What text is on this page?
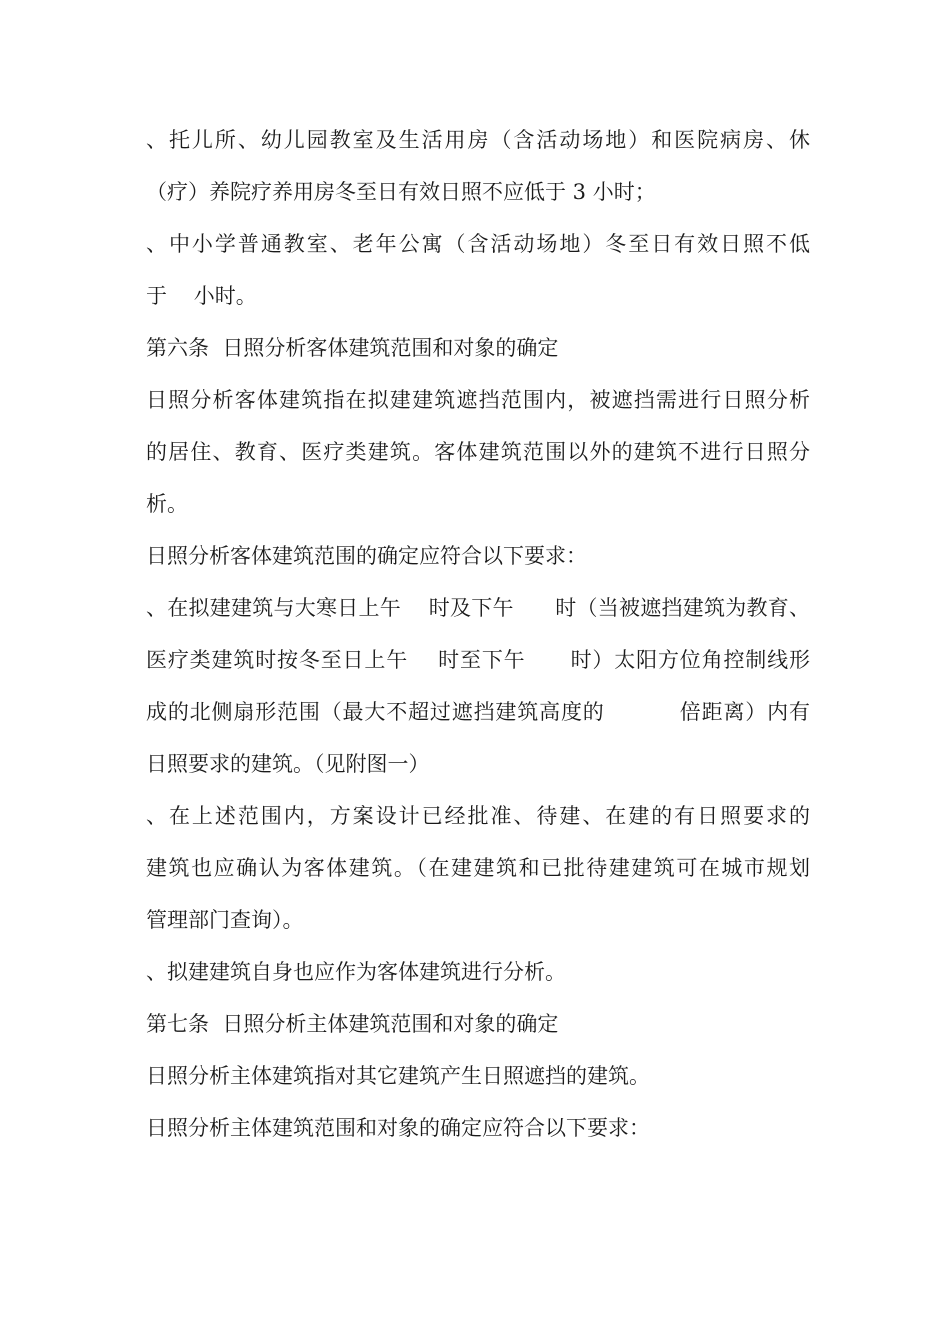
、托儿所、幼儿园教室及生活用房（含活动场地）和医院病房、休
（疗）养院疗养用房冬至日有效日照不应低于 3 小时；
、中小学普通教室、老年公寓（含活动场地）冬至日有效日照不低
于    小时。
第六条  日照分析客体建筑范围和对象的确定
日照分析客体建筑指在拟建建筑遮挡范围内，被遮挡需进行日照分析
的居住、教育、医疗类建筑。客体建筑范围以外的建筑不进行日照分
析。
日照分析客体建筑范围的确定应符合以下要求：
、在拟建建筑与大寒日上午    时及下午      时（当被遮挡建筑为教育、
医疗类建筑时按冬至日上午    时至下午      时）太阳方位角控制线形
成的北侧扇形范围（最大不超过遮挡建筑高度的          倍距离）内有
日照要求的建筑。（见附图一）
、在上述范围内，方案设计已经批准、待建、在建的有日照要求的
建筑也应确认为客体建筑。（在建建筑和已批待建建筑可在城市规划
管理部门查询）。
、拟建建筑自身也应作为客体建筑进行分析。
第七条  日照分析主体建筑范围和对象的确定
日照分析主体建筑指对其它建筑产生日照遮挡的建筑。
日照分析主体建筑范围和对象的确定应符合以下要求：
